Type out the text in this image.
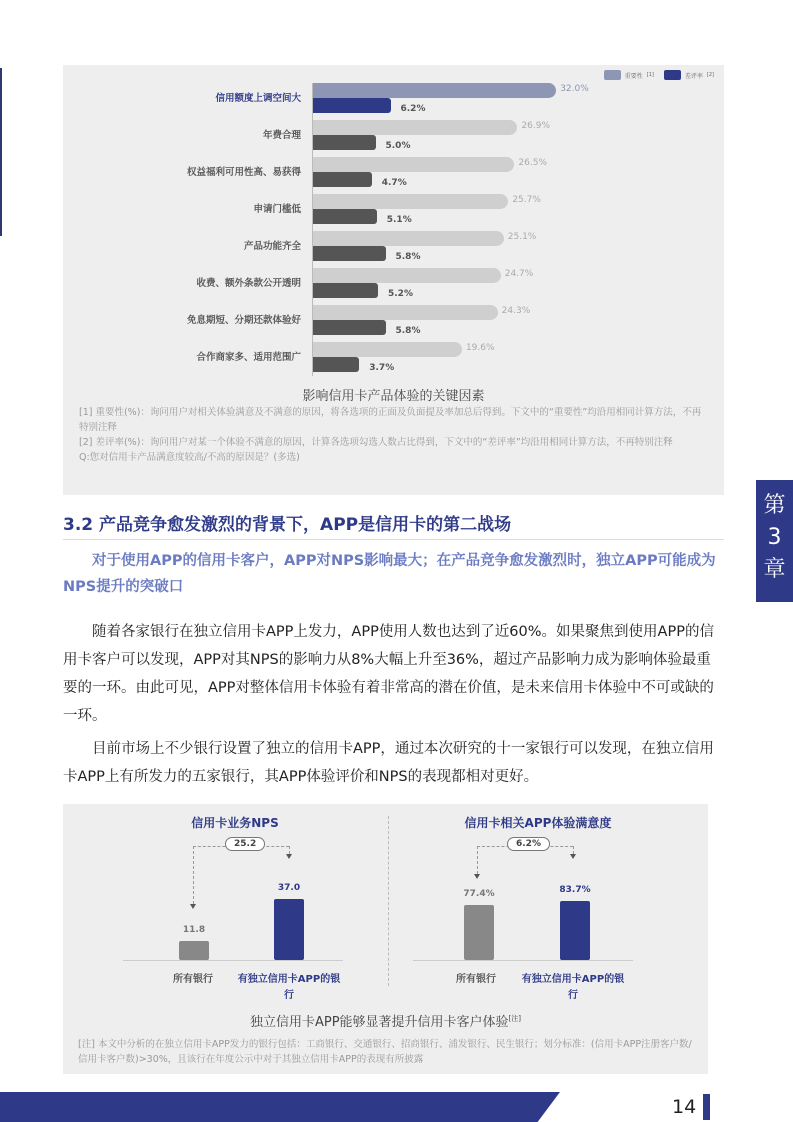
重要性 [1]	差评率 [2]
信用额度上调空间大
32.0%
6.2%
年费合理
26.9%
5.0%
权益福利可用性高、易获得
26.5%
4.7%
申请门槛低
25.7%
5.1%
产品功能齐全
25.1%
5.8%
收费、额外条款公开透明
24.7%
5.2%
免息期短、分期还款体验好
24.3%
5.8%
合作商家多、适用范围广
19.6%
3.7%
影响信用卡产品体验的关键因素
[1] 重要性(%)：询问用户对相关体验满意及不满意的原因，将各选项的正面及负面提及率加总后得到。下文中的“重要性”均沿用相同计算方法，不再特别注释
[2] 差评率(%)：询问用户对某一个体验不满意的原因，计算各选项勾选人数占比得到，下文中的“差评率”均沿用相同计算方法，不再特别注释
Q:您对信用卡产品满意度较高/不高的原因是？(多选)
第
3
章
3.2 产品竞争愈发激烈的背景下，APP是信用卡的第二战场
对于使用APP的信用卡客户，APP对NPS影响最大；在产品竞争愈发激烈时，独立APP可能成为NPS提升的突破口
随着各家银行在独立信用卡APP上发力，APP使用人数也达到了近60%。如果聚焦到使用APP的信用卡客户可以发现，APP对其NPS的影响力从8%大幅上升至36%，超过产品影响力成为影响体验最重要的一环。由此可见，APP对整体信用卡体验有着非常高的潜在价值，是未来信用卡体验中不可或缺的一环。
目前市场上不少银行设置了独立的信用卡APP，通过本次研究的十一家银行可以发现，在独立信用卡APP上有所发力的五家银行，其APP体验评价和NPS的表现都相对更好。
信用卡业务NPS	信用卡相关APP体验满意度
25.2	6.2%
11.8
37.0
77.4%	83.7%
所有银行	有独立信用卡APP的银行
所有银行	有独立信用卡APP的银行
独立信用卡APP能够显著提升信用卡客户体验[注]
[注] 本文中分析的在独立信用卡APP发力的银行包括：工商银行、交通银行、招商银行、浦发银行、民生银行；划分标准：(信用卡APP注册客户数/信用卡客户数)>30%，且该行在年度公示中对于其独立信用卡APP的表现有所披露
14
